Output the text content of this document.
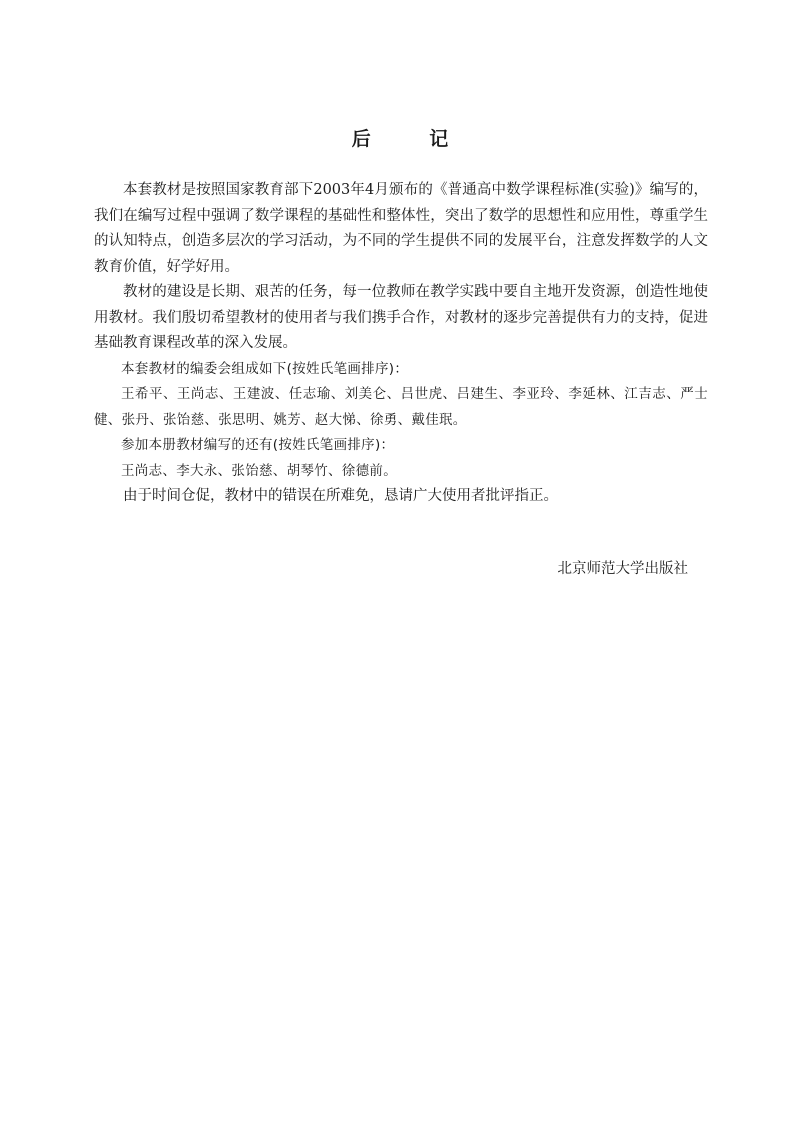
后 记

本套教材是按照国家教育部下2003年4月颁布的《普通高中数学课程标准(实验)》编写的，我们在编写过程中强调了数学课程的基础性和整体性，突出了数学的思想性和应用性，尊重学生的认知特点，创造多层次的学习活动，为不同的学生提供不同的发展平台，注意发挥数学的人文教育价值，好学好用。

教材的建设是长期、艰苦的任务，每一位教师在教学实践中要自主地开发资源，创造性地使用教材。我们殷切希望教材的使用者与我们携手合作，对教材的逐步完善提供有力的支持，促进基础教育课程改革的深入发展。

本套教材的编委会组成如下(按姓氏笔画排序)：

王希平、王尚志、王建波、任志瑜、刘美仑、吕世虎、吕建生、李亚玲、李延林、江吉志、严士健、张丹、张饴慈、张思明、姚芳、赵大悌、徐勇、戴佳珉。

参加本册教材编写的还有(按姓氏笔画排序)：

王尚志、李大永、张饴慈、胡琴竹、徐德前。

由于时间仓促，教材中的错误在所难免，恳请广大使用者批评指正。

北京师范大学出版社
